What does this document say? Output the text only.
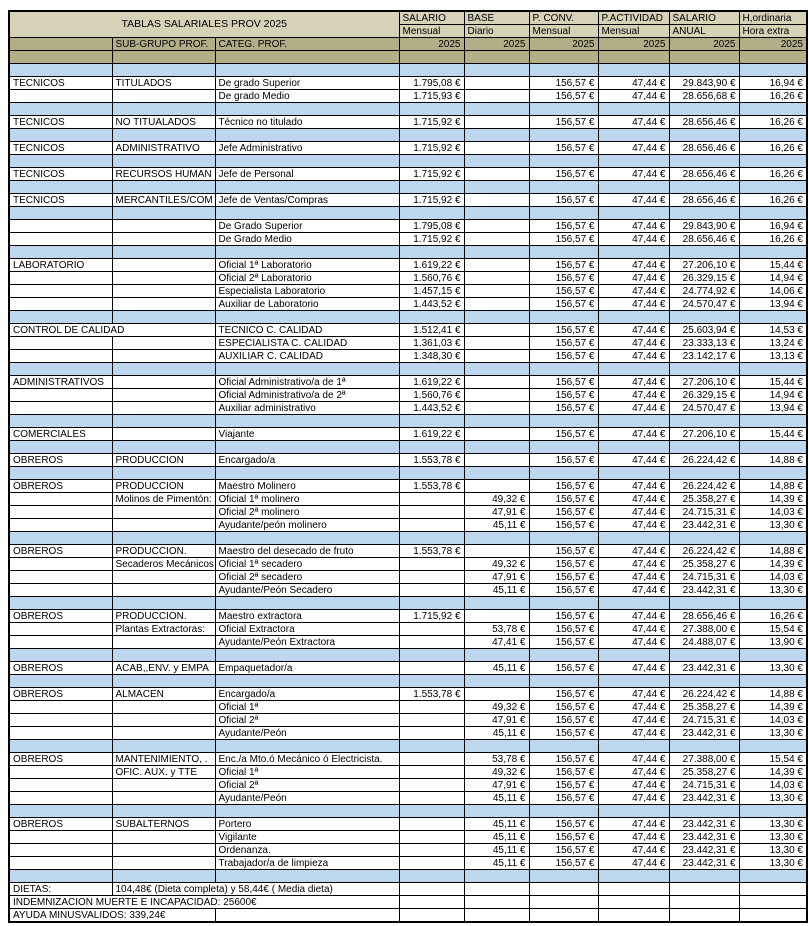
TABLAS SALARIALES PROV 2025			SALARIO	BASE	P. CONV.	P.ACTIVIDAD	SALARIO	H,ordinaria
			Mensual	Diario	Mensual	Mensual	ANUAL	Hora extra
	SUB-GRUPO PROF.	CATEG. PROF.	2025	2025	2025	2025	2025	2025

TECNICOS	TITULADOS	De grado Superior	1.795,08 €		156,57 €	47,44 €	29.843,90 €	16,94 €
		De grado Medio	1.715,93 €		156,57 €	47,44 €	28.656,68 €	16,26 €

TECNICOS	NO TITUALADOS	Técnico no titulado	1.715,92 €		156,57 €	47,44 €	28.656,46 €	16,26 €

TECNICOS	ADMINISTRATIVO	Jefe Administrativo	1.715,92 €		156,57 €	47,44 €	28.656,46 €	16,26 €

TECNICOS	RECURSOS HUMAN	Jefe de Personal	1.715,92 €		156,57 €	47,44 €	28.656,46 €	16,26 €

TECNICOS	MERCANTILES/COM	Jefe de Ventas/Compras	1.715,92 €		156,57 €	47,44 €	28.656,46 €	16,26 €

		De Grado Superior	1.795,08 €		156,57 €	47,44 €	29.843,90 €	16,94 €
		De Grado Medio	1.715,92 €		156,57 €	47,44 €	28.656,46 €	16,26 €

LABORATORIO		Oficial 1ª Laboratorio	1.619,22 €		156,57 €	47,44 €	27.206,10 €	15,44 €
		Oficial 2ª Laboratorio	1.560,76 €		156,57 €	47,44 €	26.329,15 €	14,94 €
		Especialista Laboratorio	1.457,15 €		156,57 €	47,44 €	24.774,92 €	14,06 €
		Auxiliar de Laboratorio	1.443,52 €		156,57 €	47,44 €	24.570,47 €	13,94 €

CONTROL DE CALIDAD		TECNICO C. CALIDAD	1.512,41 €		156,57 €	47,44 €	25.603,94 €	14,53 €
		ESPECIALISTA C. CALIDAD	1.361,03 €		156,57 €	47,44 €	23.333,13 €	13,24 €
		AUXILIAR C. CALIDAD	1.348,30 €		156,57 €	47,44 €	23.142,17 €	13,13 €

ADMINISTRATIVOS		Oficial Administrativo/a de 1ª	1.619,22 €		156,57 €	47,44 €	27.206,10 €	15,44 €
		Oficial Administrativo/a de 2ª	1.560,76 €		156,57 €	47,44 €	26.329,15 €	14,94 €
		Auxiliar administrativo	1.443,52 €		156,57 €	47,44 €	24.570,47 €	13,94 €

COMERCIALES		Viajante	1.619,22 €		156,57 €	47,44 €	27.206,10 €	15,44 €

OBREROS	PRODUCCION	Encargado/a	1.553,78 €		156,57 €	47,44 €	26.224,42 €	14,88 €

OBREROS	PRODUCCION	Maestro Molinero	1.553,78 €		156,57 €	47,44 €	26.224,42 €	14,88 €
	Molinos de Pimentón:	Oficial 1ª molinero		49,32 €	156,57 €	47,44 €	25.358,27 €	14,39 €
		Oficial 2ª molinero		47,91 €	156,57 €	47,44 €	24.715,31 €	14,03 €
		Ayudante/peón molinero		45,11 €	156,57 €	47,44 €	23.442,31 €	13,30 €

OBREROS	PRODUCCION.	Maestro del desecado de fruto	1.553,78 €		156,57 €	47,44 €	26.224,42 €	14,88 €
	Secaderos Mecánicos	Oficial 1ª secadero		49,32 €	156,57 €	47,44 €	25.358,27 €	14,39 €
		Oficial 2ª secadero		47,91 €	156,57 €	47,44 €	24.715,31 €	14,03 €
		Ayudante/Peón Secadero		45,11 €	156,57 €	47,44 €	23.442,31 €	13,30 €

OBREROS	PRODUCCION.	Maestro extractora	1.715,92 €		156,57 €	47,44 €	28.656,46 €	16,26 €
	Plantas Extractoras:	Oficial Extractora		53,78 €	156,57 €	47,44 €	27.388,00 €	15,54 €
		Ayudante/Peón Extractora		47,41 €	156,57 €	47,44 €	24.488,07 €	13,90 €

OBREROS	ACAB,,ENV. y EMPA	Empaquetador/a		45,11 €	156,57 €	47,44 €	23.442,31 €	13,30 €

OBREROS	ALMACEN	Encargado/a	1.553,78 €		156,57 €	47,44 €	26.224,42 €	14,88 €
		Oficial 1ª		49,32 €	156,57 €	47,44 €	25.358,27 €	14,39 €
		Oficial 2ª		47,91 €	156,57 €	47,44 €	24.715,31 €	14,03 €
		Ayudante/Peón		45,11 €	156,57 €	47,44 €	23.442,31 €	13,30 €

OBREROS	MANTENIMIENTO, .	Enc./a Mto.ó Mecánico ó Electricista.		53,78 €	156,57 €	47,44 €	27.388,00 €	15,54 €
	OFIC. AUX. y TTE	Oficial 1ª		49,32 €	156,57 €	47,44 €	25.358,27 €	14,39 €
		Oficial 2ª		47,91 €	156,57 €	47,44 €	24.715,31 €	14,03 €
		Ayudante/Peón		45,11 €	156,57 €	47,44 €	23.442,31 €	13,30 €

OBREROS	SUBALTERNOS	Portero		45,11 €	156,57 €	47,44 €	23.442,31 €	13,30 €
		Vigilante		45,11 €	156,57 €	47,44 €	23.442,31 €	13,30 €
		Ordenanza.		45,11 €	156,57 €	47,44 €	23.442,31 €	13,30 €
		Trabajador/a de limpieza		45,11 €	156,57 €	47,44 €	23.442,31 €	13,30 €

DIETAS:	104,48€ (Dieta completa) y 58,44€ ( Media dieta)							
INDEMNIZACION MUERTE E INCAPACIDAD: 25600€								
AYUDA MINUSVALIDOS: 339,24€								
